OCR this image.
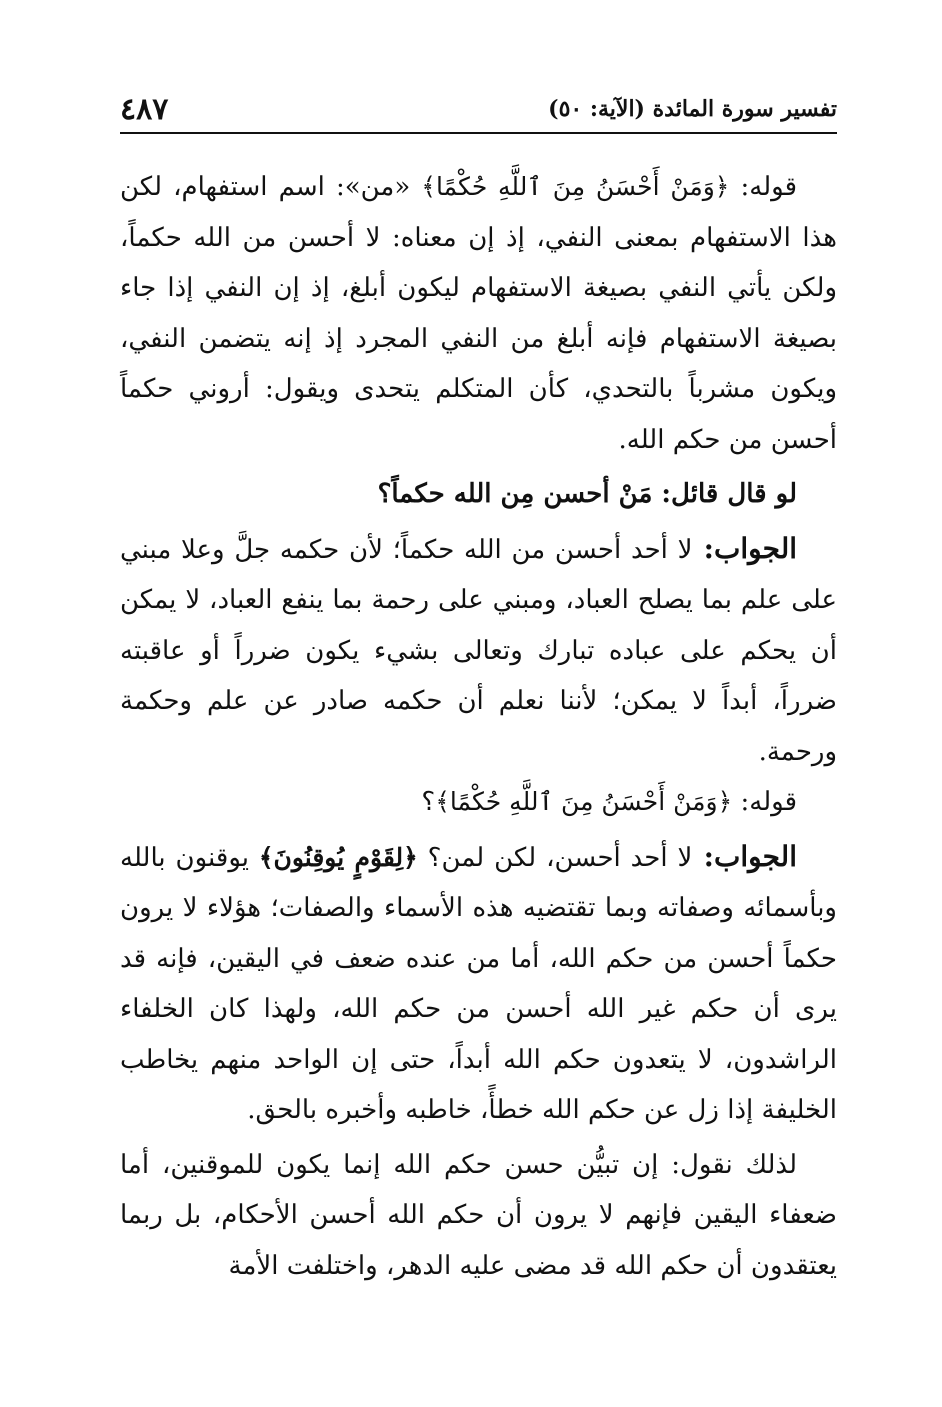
تفسير سورة المائدة (الآية: ٥٠)
٤٨٧

قوله: ﴿وَمَنْ أَحْسَنُ مِنَ ٱللَّهِ حُكْمًا﴾ «من»: اسم استفهام، لكن هذا الاستفهام بمعنى النفي، إذ إن معناه: لا أحسن من الله حكماً، ولكن يأتي النفي بصيغة الاستفهام ليكون أبلغ، إذ إن النفي إذا جاء بصيغة الاستفهام فإنه أبلغ من النفي المجرد إذ إنه يتضمن النفي، ويكون مشرباً بالتحدي، كأن المتكلم يتحدى ويقول: أروني حكماً أحسن من حكم الله.

لو قال قائل: مَنْ أحسن مِن الله حكماً؟

الجواب: لا أحد أحسن من الله حكماً؛ لأن حكمه جلَّ وعلا مبني على علم بما يصلح العباد، ومبني على رحمة بما ينفع العباد، لا يمكن أن يحكم على عباده تبارك وتعالى بشيء يكون ضرراً أو عاقبته ضرراً، أبداً لا يمكن؛ لأننا نعلم أن حكمه صادر عن علم وحكمة ورحمة.

قوله: ﴿وَمَنْ أَحْسَنُ مِنَ ٱللَّهِ حُكْمًا﴾؟

الجواب: لا أحد أحسن، لكن لمن؟ ﴿لِقَوْمٍ يُوقِنُونَ﴾ يوقنون بالله وبأسمائه وصفاته وبما تقتضيه هذه الأسماء والصفات؛ هؤلاء لا يرون حكماً أحسن من حكم الله، أما من عنده ضعف في اليقين، فإنه قد يرى أن حكم غير الله أحسن من حكم الله، ولهذا كان الخلفاء الراشدون، لا يتعدون حكم الله أبداً، حتى إن الواحد منهم يخاطب الخليفة إذا زل عن حكم الله خطأً، خاطبه وأخبره بالحق.

لذلك نقول: إن تبيُّن حسن حكم الله إنما يكون للموقنين، أما ضعفاء اليقين فإنهم لا يرون أن حكم الله أحسن الأحكام، بل ربما يعتقدون أن حكم الله قد مضى عليه الدهر، واختلفت الأمة
